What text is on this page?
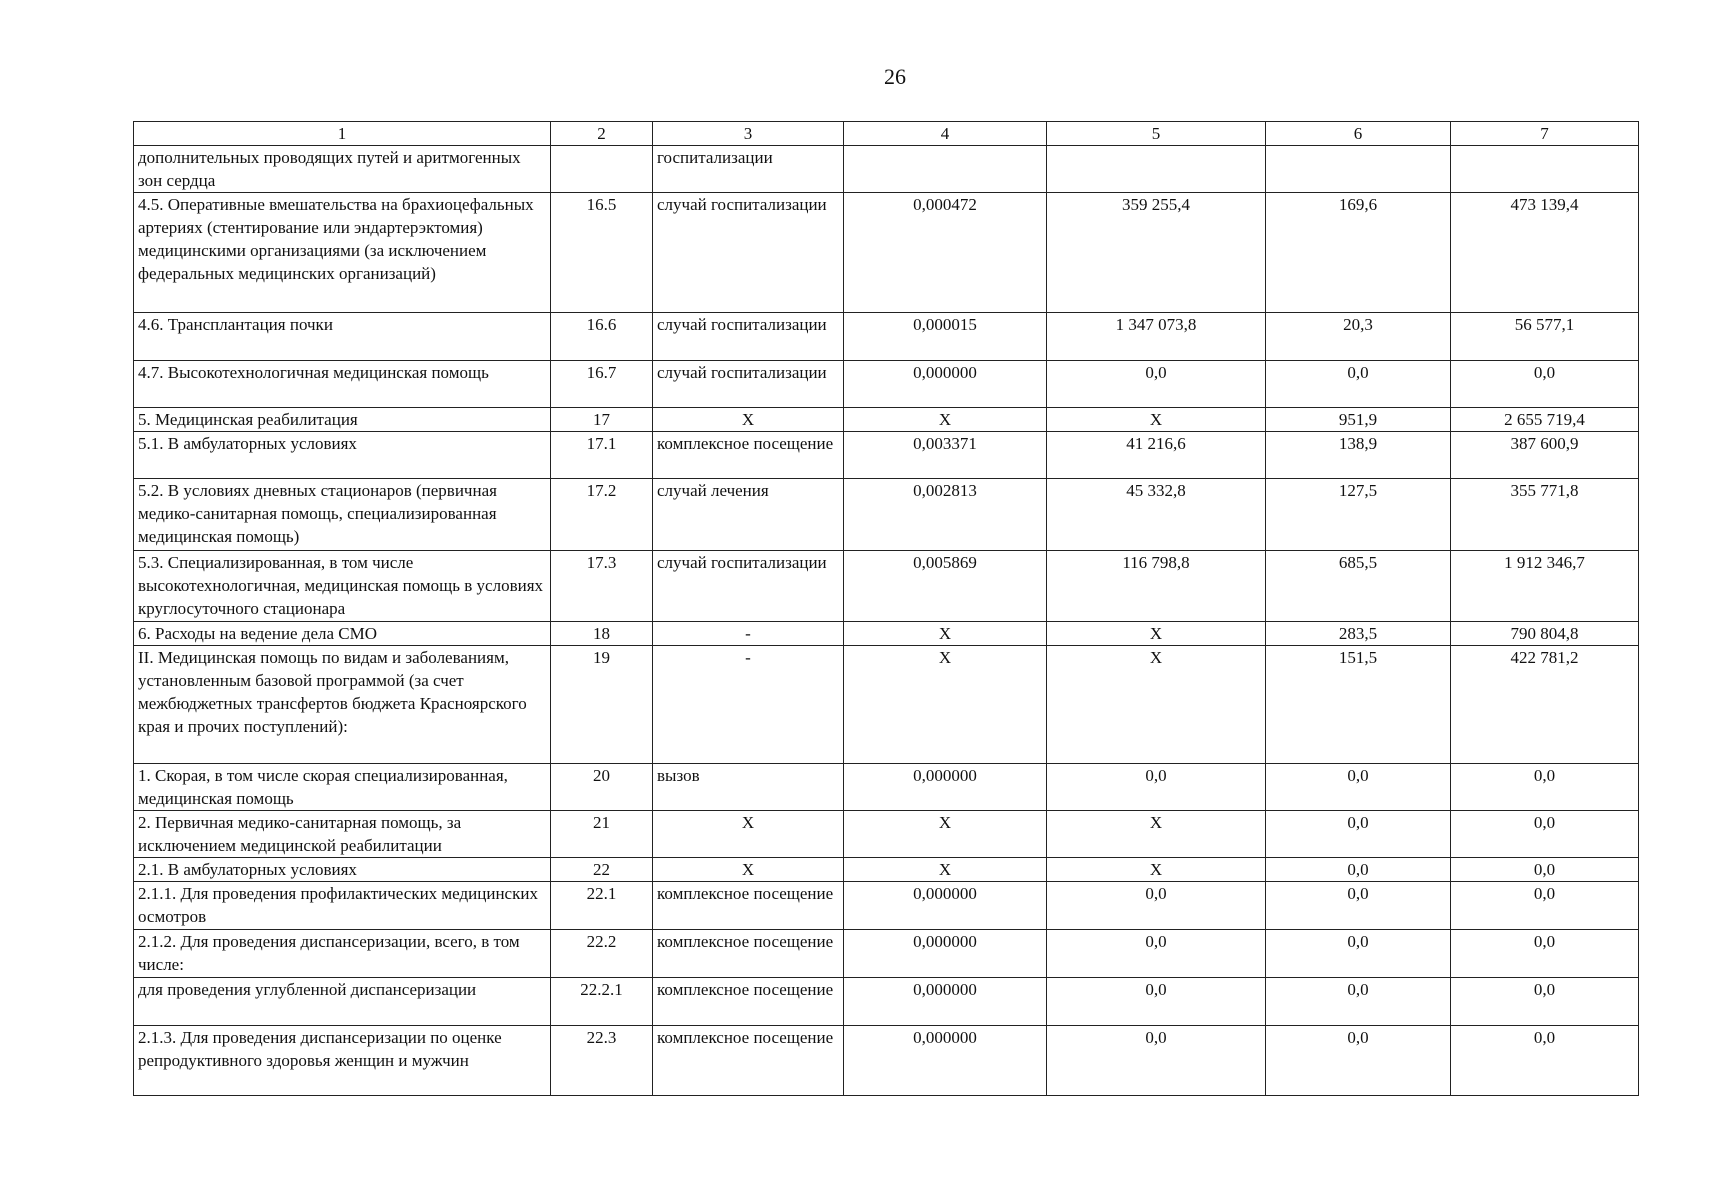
26
1	2	3	4	5	6	7
дополнительных проводящих путей и аритмогенных зон сердца		госпитализации				
4.5. Оперативные вмешательства на брахиоцефальных артериях (стентирование или эндартерэктомия) медицинскими организациями (за исключением федеральных медицинских организаций)	16.5	случай госпитализации	0,000472	359 255,4	169,6	473 139,4
4.6. Трансплантация почки	16.6	случай госпитализации	0,000015	1 347 073,8	20,3	56 577,1
4.7. Высокотехнологичная медицинская помощь	16.7	случай госпитализации	0,000000	0,0	0,0	0,0
5. Медицинская реабилитация	17	Х	Х	Х	951,9	2 655 719,4
5.1. В амбулаторных условиях	17.1	комплексное посещение	0,003371	41 216,6	138,9	387 600,9
5.2. В условиях дневных стационаров (первичная медико-санитарная помощь, специализированная медицинская помощь)	17.2	случай лечения	0,002813	45 332,8	127,5	355 771,8
5.3. Специализированная, в том числе высокотехнологичная, медицинская помощь в условиях круглосуточного стационара	17.3	случай госпитализации	0,005869	116 798,8	685,5	1 912 346,7
6. Расходы на ведение дела СМО	18	-	Х	Х	283,5	790 804,8
II. Медицинская помощь по видам и заболеваниям, установленным базовой программой (за счет межбюджетных трансфертов бюджета Красноярского края и прочих поступлений):	19	-	Х	Х	151,5	422 781,2
1. Скорая, в том числе скорая специализированная, медицинская помощь	20	вызов	0,000000	0,0	0,0	0,0
2. Первичная медико-санитарная помощь, за исключением медицинской реабилитации	21	Х	Х	Х	0,0	0,0
2.1. В амбулаторных условиях	22	Х	Х	Х	0,0	0,0
2.1.1. Для проведения профилактических медицинских осмотров	22.1	комплексное посещение	0,000000	0,0	0,0	0,0
2.1.2. Для проведения диспансеризации, всего, в том числе:	22.2	комплексное посещение	0,000000	0,0	0,0	0,0
для проведения углубленной диспансеризации	22.2.1	комплексное посещение	0,000000	0,0	0,0	0,0
2.1.3. Для проведения диспансеризации по оценке репродуктивного здоровья женщин и мужчин	22.3	комплексное посещение	0,000000	0,0	0,0	0,0
